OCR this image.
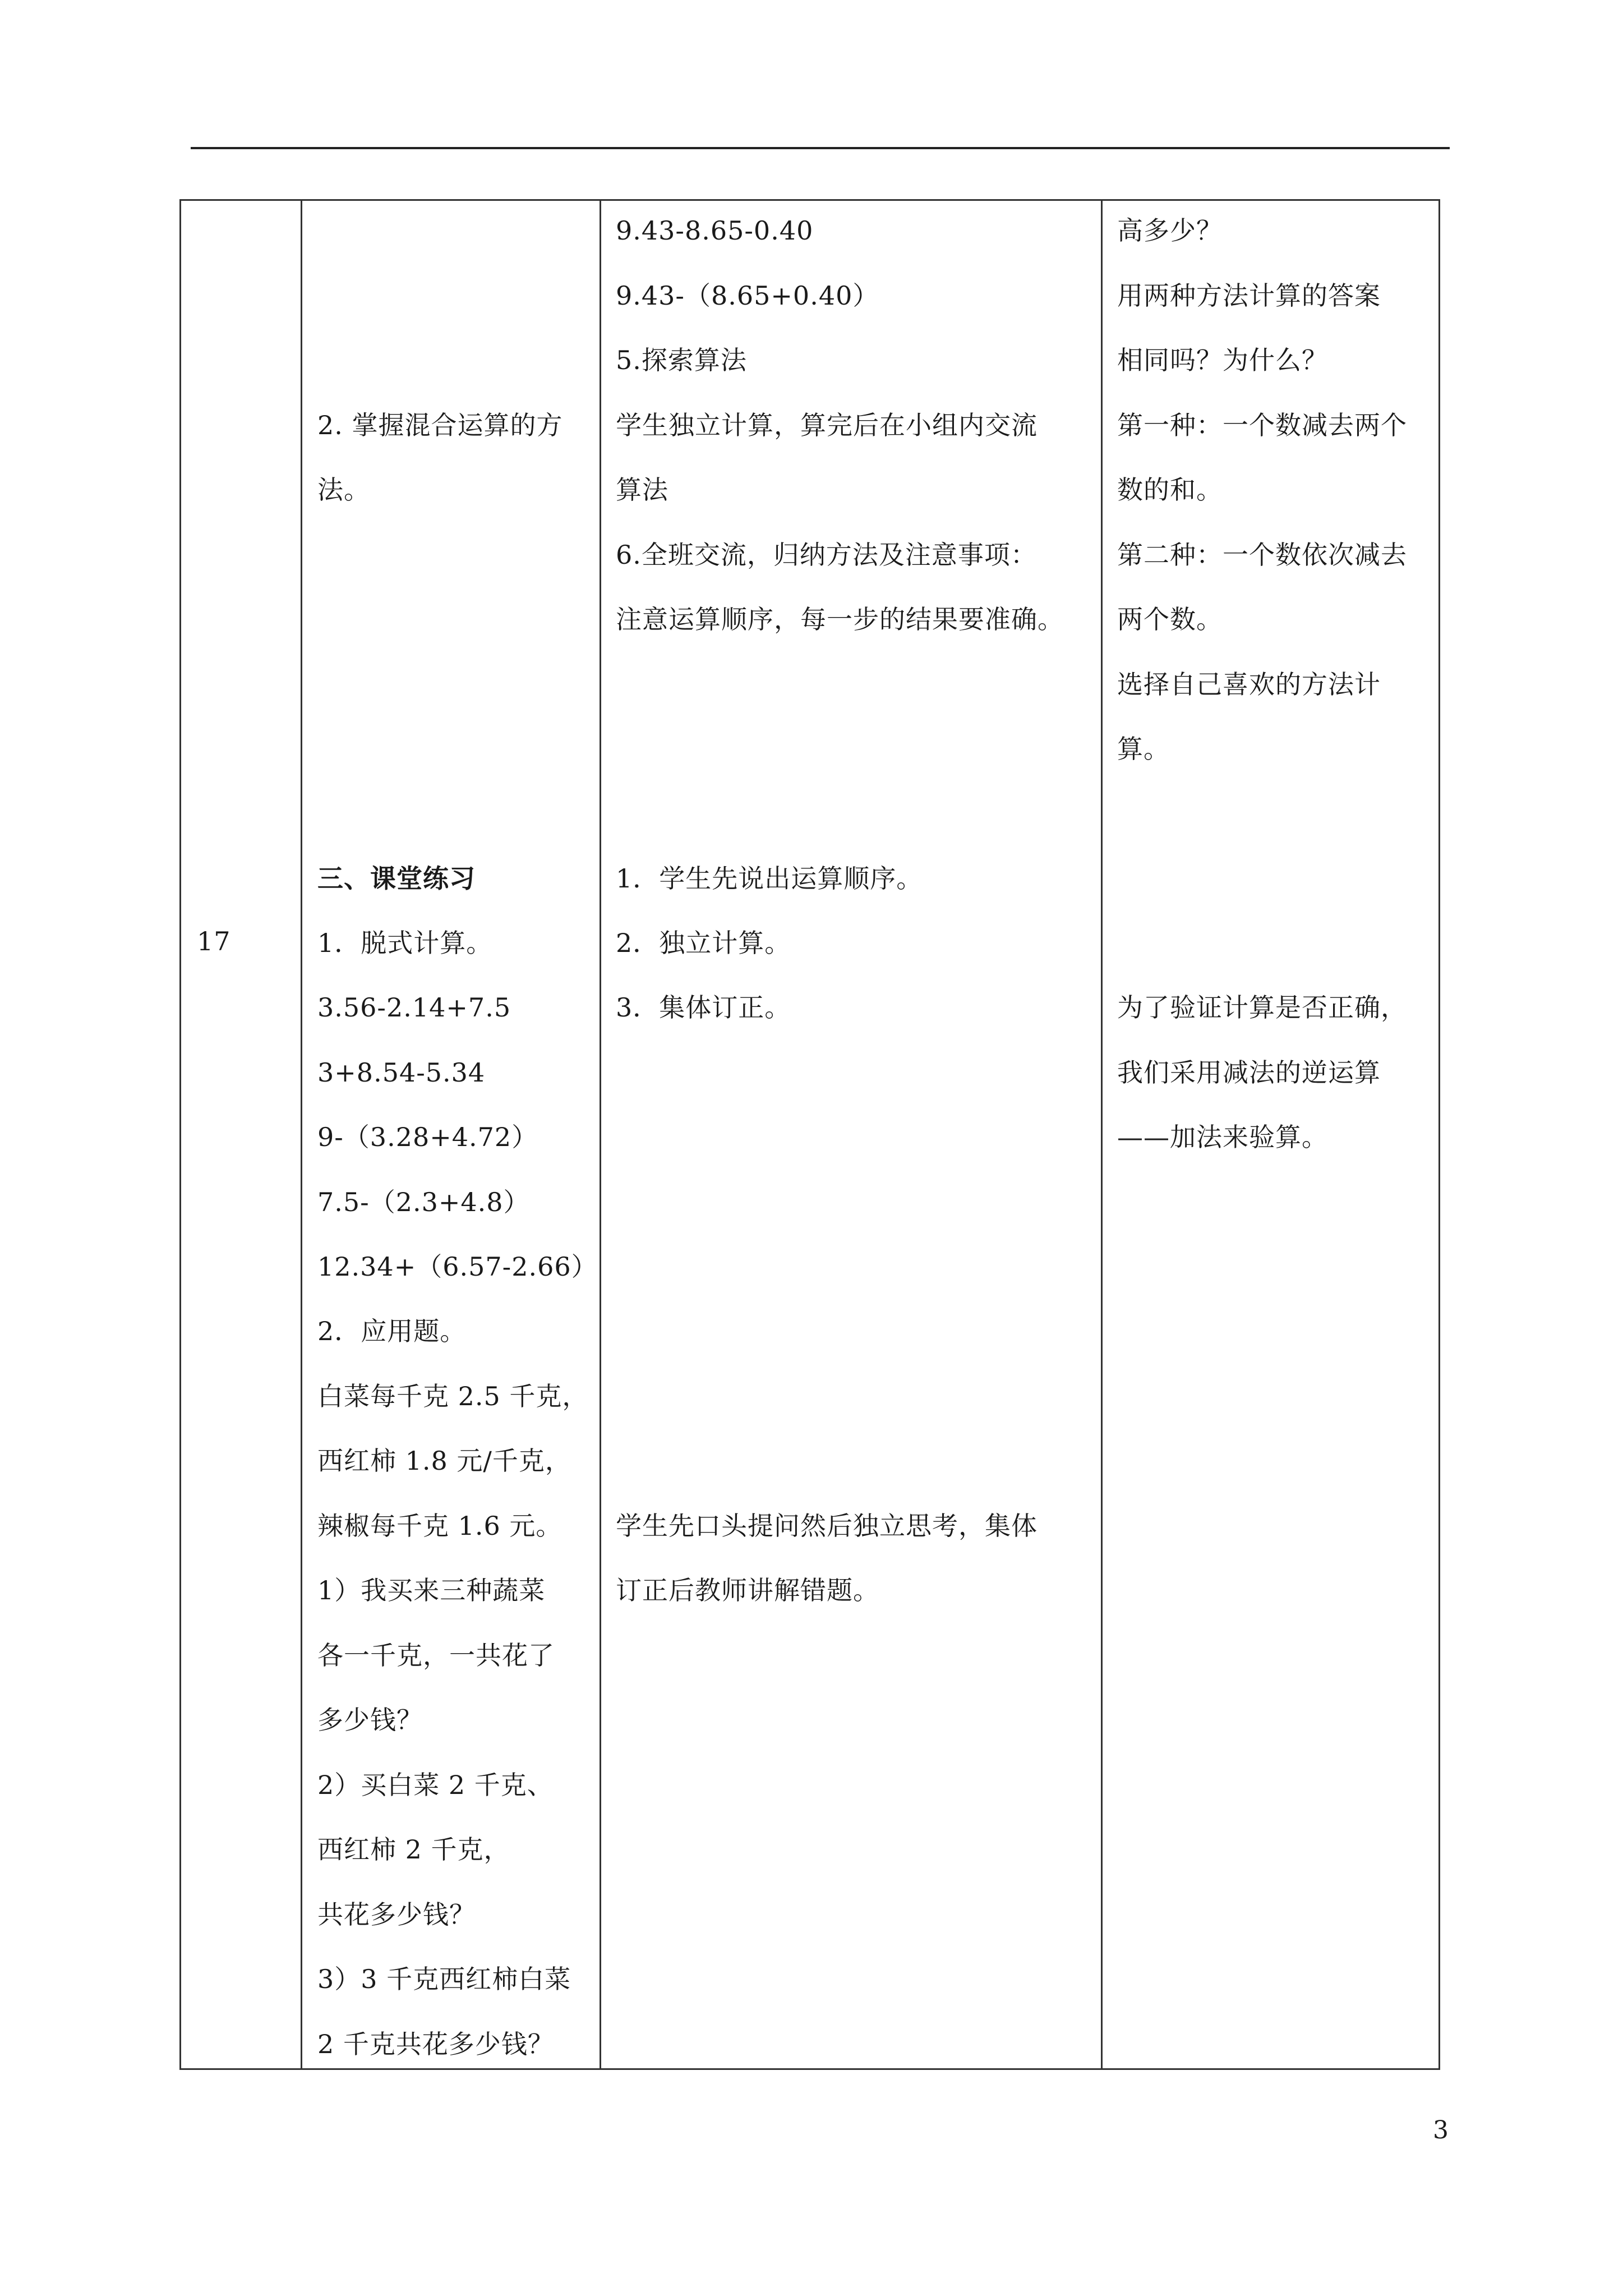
17
2. 掌握混合运算的方
法。
三、课堂练习
1．脱式计算。
3.56-2.14+7.5
3+8.54-5.34
9-（3.28+4.72）
7.5-（2.3+4.8）
12.34+（6.57-2.66）
2．应用题。
白菜每千克 2.5 千克，
西红柿 1.8 元/千克，
辣椒每千克 1.6 元。
1）我买来三种蔬菜
各一千克，一共花了
多少钱？
2）买白菜 2 千克、
西红柿 2 千克，
共花多少钱？
3）3 千克西红柿白菜
2 千克共花多少钱？
9.43-8.65-0.40
9.43-（8.65+0.40）
5.探索算法
学生独立计算，算完后在小组内交流
算法
6.全班交流，归纳方法及注意事项：
注意运算顺序，每一步的结果要准确。
1．学生先说出运算顺序。
2．独立计算。
3．集体订正。
学生先口头提问然后独立思考，集体
订正后教师讲解错题。
高多少？
用两种方法计算的答案
相同吗？为什么？
第一种：一个数减去两个
数的和。
第二种：一个数依次减去
两个数。
选择自己喜欢的方法计
算。
为了验证计算是否正确，
我们采用减法的逆运算
——加法来验算。
3
